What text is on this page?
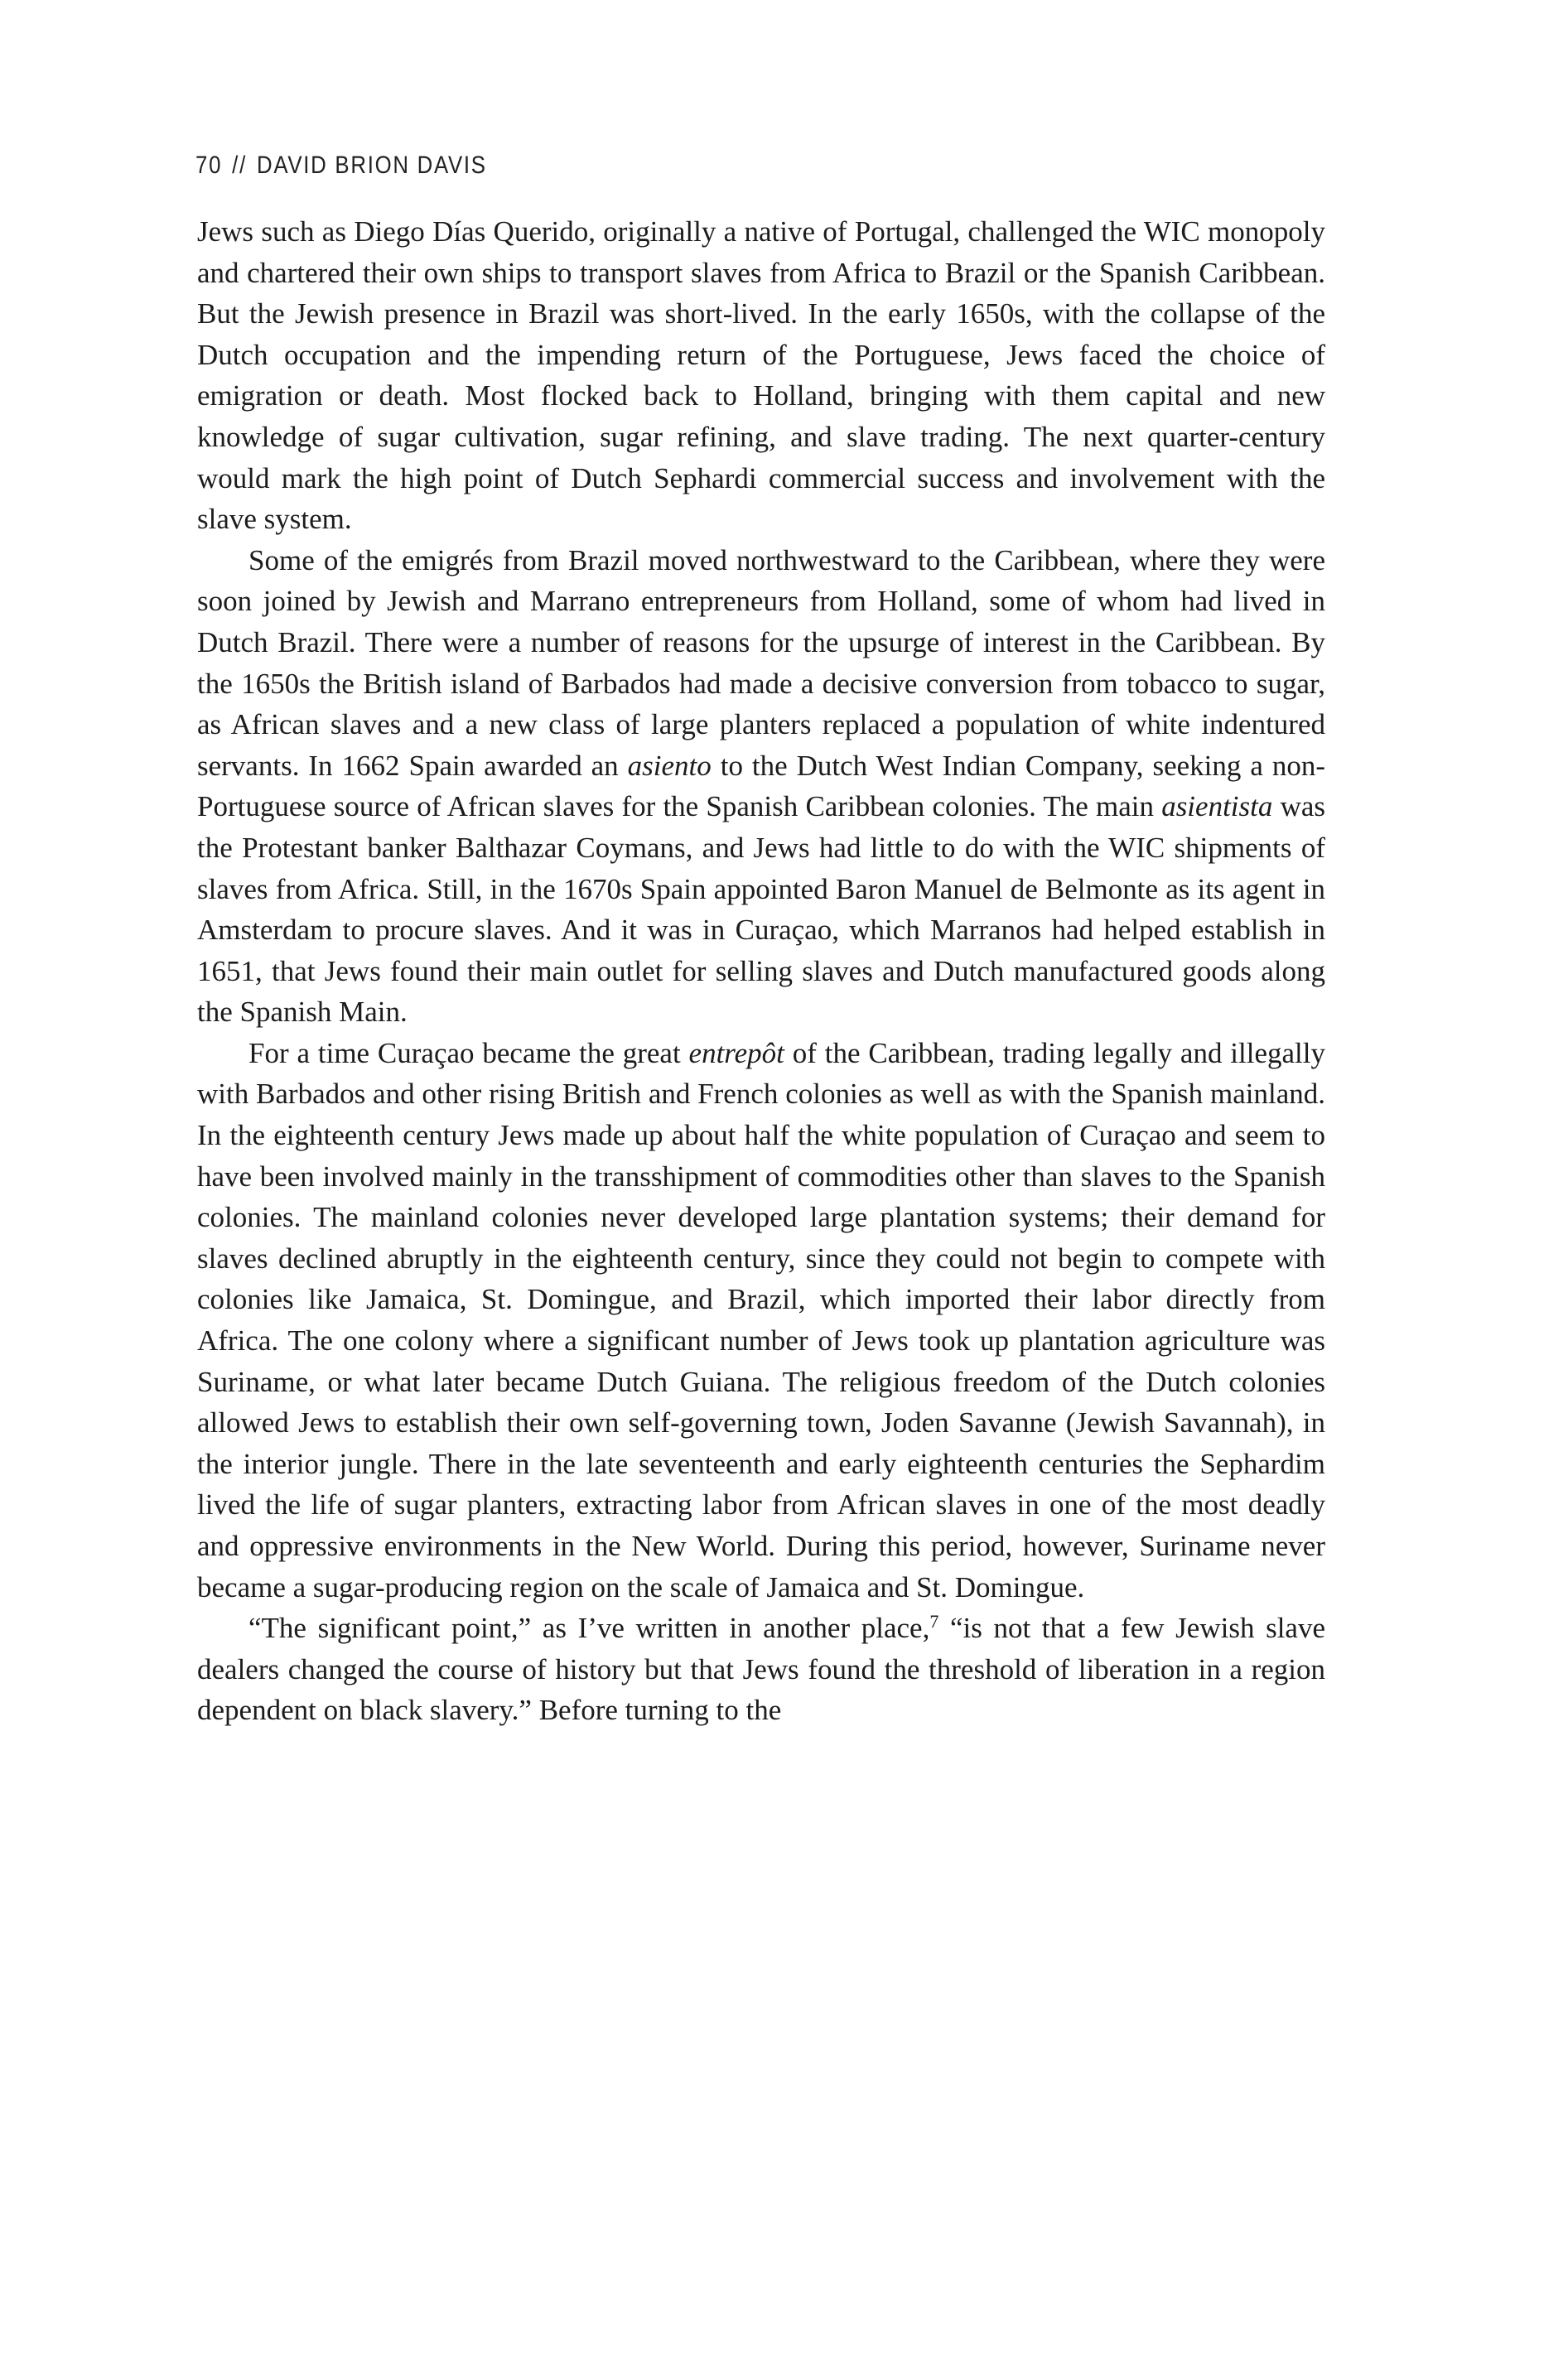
70 // DAVID BRION DAVIS

Jews such as Diego Días Querido, originally a native of Portugal, challenged the WIC monopoly and chartered their own ships to transport slaves from Africa to Brazil or the Spanish Caribbean. But the Jewish presence in Brazil was short-lived. In the early 1650s, with the collapse of the Dutch occupation and the impending return of the Portuguese, Jews faced the choice of emigration or death. Most flocked back to Holland, bringing with them capital and new knowledge of sugar cultivation, sugar refining, and slave trading. The next quarter-century would mark the high point of Dutch Sephardi commercial success and involvement with the slave system.

Some of the emigrés from Brazil moved northwestward to the Caribbean, where they were soon joined by Jewish and Marrano entrepreneurs from Holland, some of whom had lived in Dutch Brazil. There were a number of reasons for the upsurge of interest in the Caribbean. By the 1650s the British island of Barbados had made a decisive conversion from tobacco to sugar, as African slaves and a new class of large planters replaced a population of white indentured servants. In 1662 Spain awarded an asiento to the Dutch West Indian Company, seeking a non-Portuguese source of African slaves for the Spanish Caribbean colonies. The main asientista was the Protestant banker Balthazar Coymans, and Jews had little to do with the WIC shipments of slaves from Africa. Still, in the 1670s Spain appointed Baron Manuel de Belmonte as its agent in Amsterdam to procure slaves. And it was in Curaçao, which Marranos had helped establish in 1651, that Jews found their main outlet for selling slaves and Dutch manufactured goods along the Spanish Main.

For a time Curaçao became the great entrepôt of the Caribbean, trading legally and illegally with Barbados and other rising British and French colonies as well as with the Spanish mainland. In the eighteenth century Jews made up about half the white population of Curaçao and seem to have been involved mainly in the transshipment of commodities other than slaves to the Spanish colonies. The mainland colonies never developed large plantation systems; their demand for slaves declined abruptly in the eighteenth century, since they could not begin to compete with colonies like Jamaica, St. Domingue, and Brazil, which imported their labor directly from Africa. The one colony where a significant number of Jews took up plantation agriculture was Suriname, or what later became Dutch Guiana. The religious freedom of the Dutch colonies allowed Jews to establish their own self-governing town, Joden Savanne (Jewish Savannah), in the interior jungle. There in the late seventeenth and early eighteenth centuries the Sephardim lived the life of sugar planters, extracting labor from African slaves in one of the most deadly and oppressive environments in the New World. During this period, however, Suriname never became a sugar-producing region on the scale of Jamaica and St. Domingue.

“The significant point,” as I’ve written in another place,$^7$ “is not that a few Jewish slave dealers changed the course of history but that Jews found the threshold of liberation in a region dependent on black slavery.” Before turning to the
